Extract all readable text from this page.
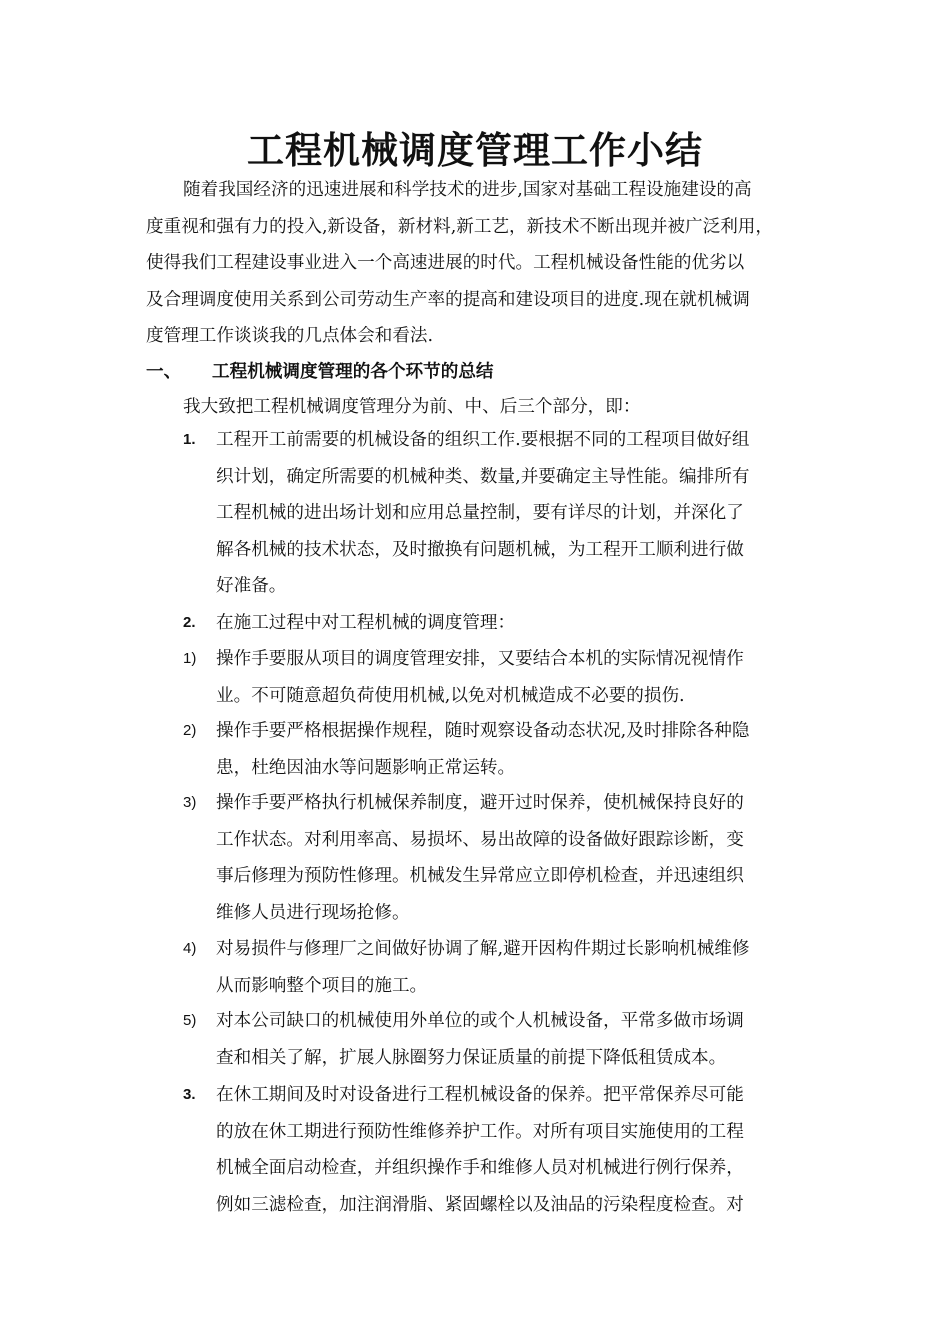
工程机械调度管理工作小结
随着我国经济的迅速进展和科学技术的进步,国家对基础工程设施建设的高
度重视和强有力的投入,新设备，新材料,新工艺，新技术不断出现并被广泛利用，
使得我们工程建设事业进入一个高速进展的时代。工程机械设备性能的优劣以
及合理调度使用关系到公司劳动生产率的提高和建设项目的进度.现在就机械调
度管理工作谈谈我的几点体会和看法.
一、 工程机械调度管理的各个环节的总结
我大致把工程机械调度管理分为前、中、后三个部分，即：
1.	工程开工前需要的机械设备的组织工作.要根据不同的工程项目做好组
织计划，确定所需要的机械种类、数量,并要确定主导性能。编排所有
工程机械的进出场计划和应用总量控制，要有详尽的计划，并深化了
解各机械的技术状态，及时撤换有问题机械，为工程开工顺利进行做
好准备。
2.	在施工过程中对工程机械的调度管理：
1)	操作手要服从项目的调度管理安排，又要结合本机的实际情况视情作
业。不可随意超负荷使用机械,以免对机械造成不必要的损伤.
2)	操作手要严格根据操作规程，随时观察设备动态状况,及时排除各种隐
患，杜绝因油水等问题影响正常运转。
3)	操作手要严格执行机械保养制度，避开过时保养，使机械保持良好的
工作状态。对利用率高、易损坏、易出故障的设备做好跟踪诊断，变
事后修理为预防性修理。机械发生异常应立即停机检查，并迅速组织
维修人员进行现场抢修。
4)	对易损件与修理厂之间做好协调了解,避开因构件期过长影响机械维修
从而影响整个项目的施工。
5)	对本公司缺口的机械使用外单位的或个人机械设备，平常多做市场调
查和相关了解，扩展人脉圈努力保证质量的前提下降低租赁成本。
3.	在休工期间及时对设备进行工程机械设备的保养。把平常保养尽可能
的放在休工期进行预防性维修养护工作。对所有项目实施使用的工程
机械全面启动检查，并组织操作手和维修人员对机械进行例行保养，
例如三滤检查，加注润滑脂、紧固螺栓以及油品的污染程度检查。对
